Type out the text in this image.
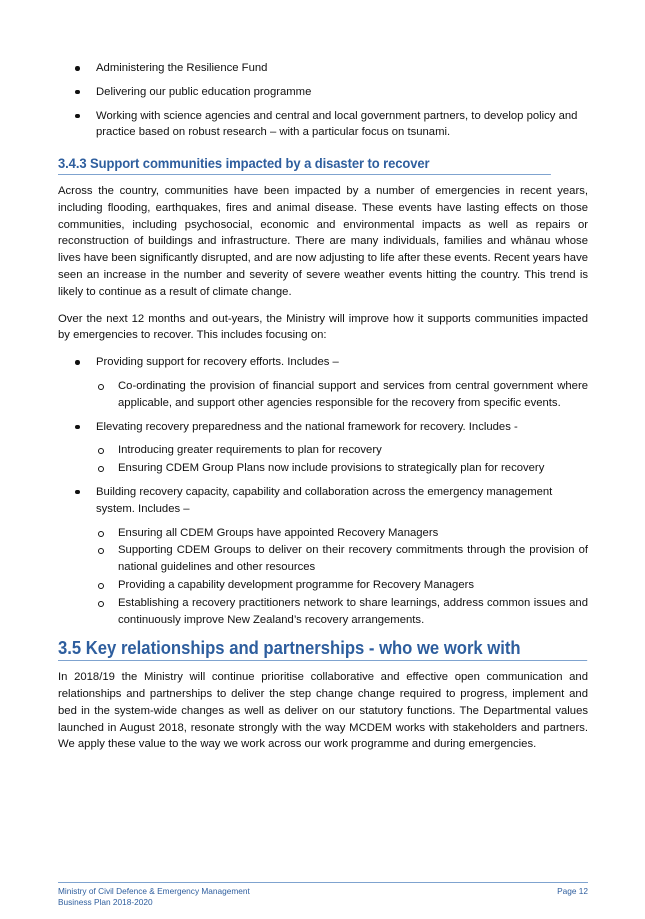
Administering the Resilience Fund
Delivering our public education programme
Working with science agencies and central and local government partners, to develop policy and practice based on robust research – with a particular focus on tsunami.
3.4.3 Support communities impacted by a disaster to recover

Across the country, communities have been impacted by a number of emergencies in recent years, including flooding, earthquakes, fires and animal disease. These events have lasting effects on those communities, including psychosocial, economic and environmental impacts as well as repairs or reconstruction of buildings and infrastructure. There are many individuals, families and whānau whose lives have been significantly disrupted, and are now adjusting to life after these events. Recent years have seen an increase in the number and severity of severe weather events hitting the country. This trend is likely to continue as a result of climate change.

Over the next 12 months and out-years, the Ministry will improve how it supports communities impacted by emergencies to recover. This includes focusing on:

Providing support for recovery efforts. Includes –
Co-ordinating the provision of financial support and services from central government where applicable, and support other agencies responsible for the recovery from specific events.
Elevating recovery preparedness and the national framework for recovery. Includes -
Introducing greater requirements to plan for recovery
Ensuring CDEM Group Plans now include provisions to strategically plan for recovery
Building recovery capacity, capability and collaboration across the emergency management system. Includes –
Ensuring all CDEM Groups have appointed Recovery Managers
Supporting CDEM Groups to deliver on their recovery commitments through the provision of national guidelines and other resources
Providing a capability development programme for Recovery Managers
Establishing a recovery practitioners network to share learnings, address common issues and continuously improve New Zealand’s recovery arrangements.
3.5 Key relationships and partnerships - who we work with

In 2018/19 the Ministry will continue prioritise collaborative and effective open communication and relationships and partnerships to deliver the step change change required to progress, implement and bed in the system-wide changes as well as deliver on our statutory functions. The Departmental values launched in August 2018, resonate strongly with the way MCDEM works with stakeholders and partners. We apply these value to the way we work across our work programme and during emergencies.

Ministry of Civil Defence & Emergency Management
Business Plan 2018-2020
Page 12
